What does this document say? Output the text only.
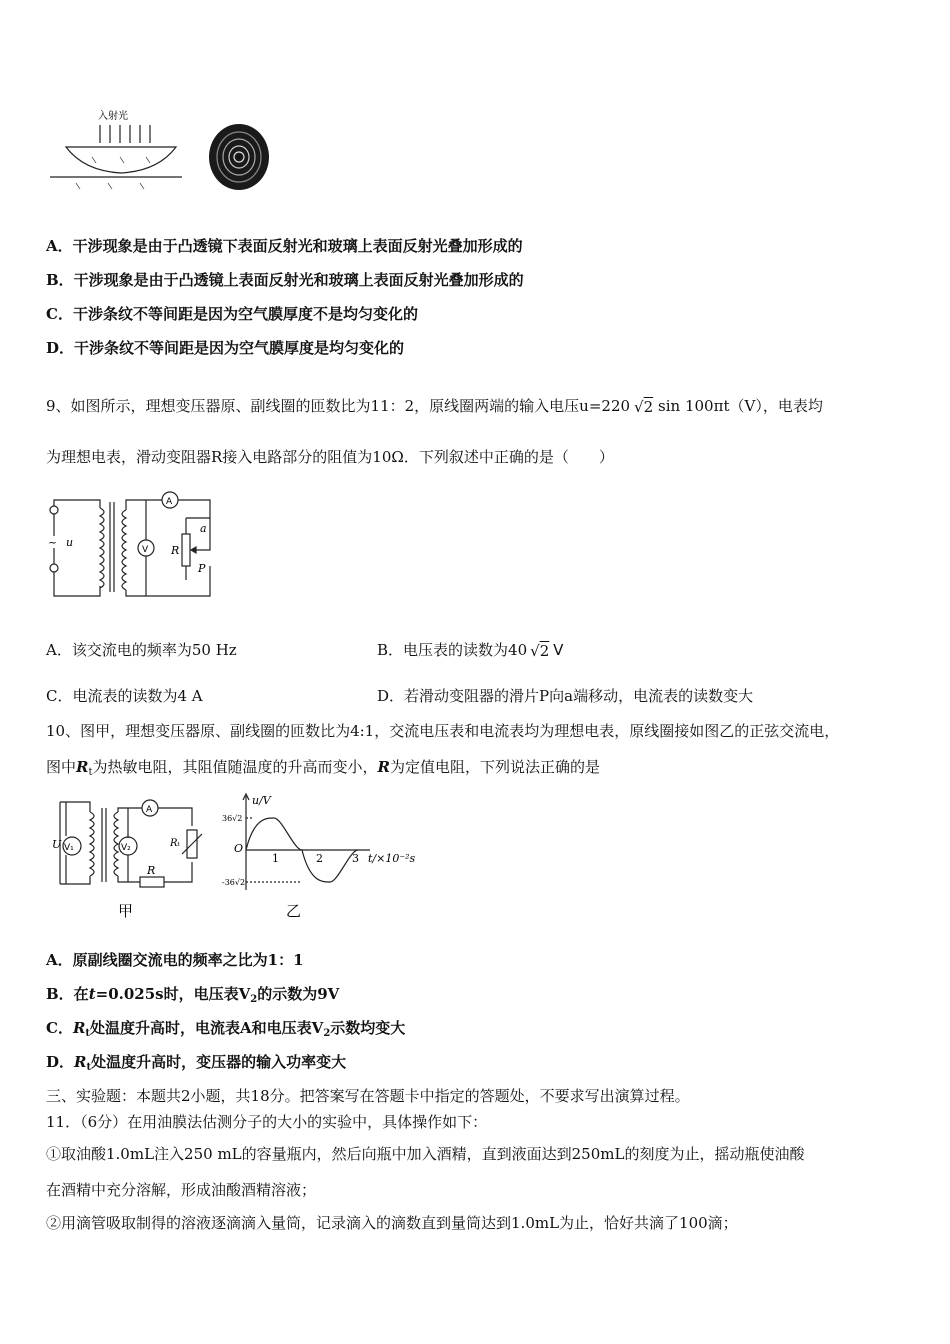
入射光
A．干涉现象是由于凸透镜下表面反射光和玻璃上表面反射光叠加形成的
B．干涉现象是由于凸透镜上表面反射光和玻璃上表面反射光叠加形成的
C．干涉条纹不等间距是因为空气膜厚度不是均匀变化的
D．干涉条纹不等间距是因为空气膜厚度是均匀变化的
9、如图所示，理想变压器原、副线圈的匝数比为11：2，原线圈两端的输入电压u=220 √2 sin 100πt（V），电表均
为理想电表，滑动变阻器R接入电路部分的阻值为10Ω．下列叙述中正确的是（　　）
~ u
A
V R
a
P
A．该交流电的频率为50 Hz	B．电压表的读数为40 √2 V
C．电流表的读数为4 A	D．若滑动变阻器的滑片P向a端移动，电流表的读数变大
10、图甲，理想变压器原、副线圈的匝数比为4:1，交流电压表和电流表均为理想电表，原线圈接如图乙的正弦交流电，
图中$R_t$为热敏电阻，其阻值随温度的升高而变小，R为定值电阻，下列说法正确的是
U V₁	V₂
A
R
Rₜ
甲
u/V
36√2
-36√2
O
1	2	3 t/×10⁻²s
乙
A．原副线圈交流电的频率之比为1：1
B．在t=0.025s时，电压表$V_2$的示数为9V
C．$R_t$处温度升高时，电流表A和电压表$V_2$示数均变大
D．$R_t$处温度升高时，变压器的输入功率变大
三、实验题：本题共2小题，共18分。把答案写在答题卡中指定的答题处，不要求写出演算过程。
11．（6分）在用油膜法估测分子的大小的实验中，具体操作如下：
①取油酸1.0mL注入250 mL的容量瓶内，然后向瓶中加入酒精，直到液面达到250mL的刻度为止，摇动瓶使油酸
在酒精中充分溶解，形成油酸酒精溶液；
②用滴管吸取制得的溶液逐滴滴入量筒，记录滴入的滴数直到量筒达到1.0mL为止，恰好共滴了100滴；
